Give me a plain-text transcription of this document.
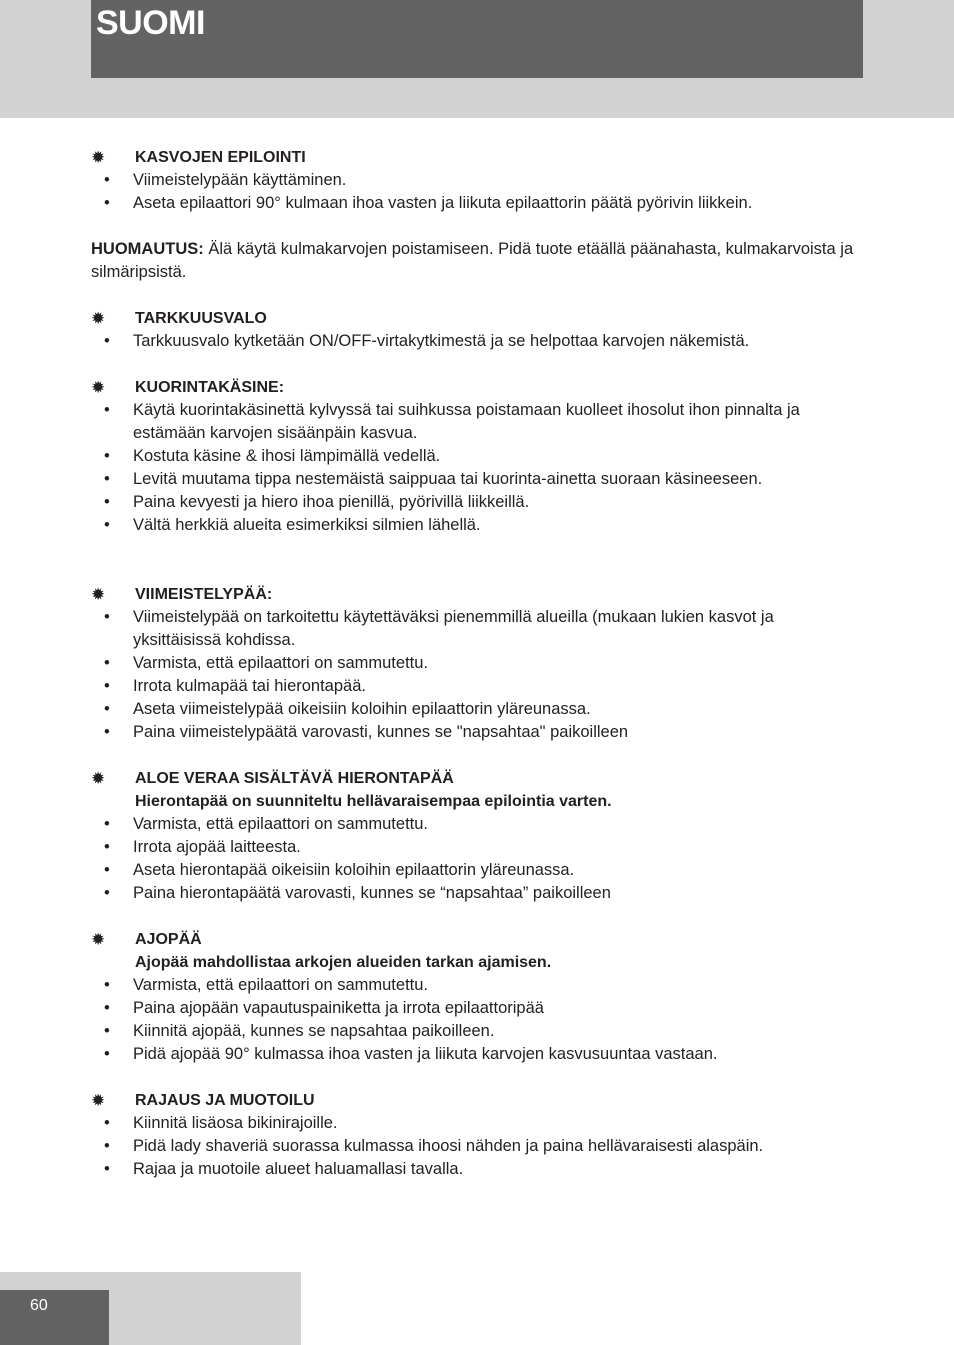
SUOMI
✹ KASVOJEN EPILOINTI
• Viimeistelypään käyttäminen.
• Aseta epilaattori 90° kulmaan ihoa vasten ja liikuta epilaattorin päätä pyörivin liikkein.

HUOMAUTUS: Älä käytä kulmakarvojen poistamiseen. Pidä tuote etäällä päänahasta, kulmakarvoista ja silmäripsistä.

✹ TARKKUUSVALO
• Tarkkuusvalo kytketään ON/OFF-virtakytkimestä ja se helpottaa karvojen näkemistä.
✹ KUORINTAKÄSINE:
• Käytä kuorintakäsinettä kylvyssä tai suihkussa poistamaan kuolleet ihosolut ihon pinnalta ja estämään karvojen sisäänpäin kasvua.
• Kostuta käsine & ihosi lämpimällä vedellä.
• Levitä muutama tippa nestemäistä saippuaa tai kuorinta-ainetta suoraan käsineeseen.
• Paina kevyesti ja hiero ihoa pienillä, pyörivillä liikkeillä.
• Vältä herkkiä alueita esimerkiksi silmien lähellä.
✹ VIIMEISTELYPÄÄ:
• Viimeistelypää on tarkoitettu käytettäväksi pienemmillä alueilla (mukaan lukien kasvot ja yksittäisissä kohdissa.
• Varmista, että epilaattori on sammutettu.
• Irrota kulmapää tai hierontapää.
• Aseta viimeistelypää oikeisiin koloihin epilaattorin yläreunassa.
• Paina viimeistelypäätä varovasti, kunnes se "napsahtaa" paikoilleen
✹ ALOE VERAA SISÄLTÄVÄ HIERONTAPÄÄ
Hierontapää on suunniteltu hellävaraisempaa epilointia varten.
• Varmista, että epilaattori on sammutettu.
• Irrota ajopää laitteesta.
• Aseta hierontapää oikeisiin koloihin epilaattorin yläreunassa.
• Paina hierontapäätä varovasti, kunnes se “napsahtaa” paikoilleen
✹ AJOPÄÄ
Ajopää mahdollistaa arkojen alueiden tarkan ajamisen.
• Varmista, että epilaattori on sammutettu.
• Paina ajopään vapautuspainiketta ja irrota epilaattoripää
• Kiinnitä ajopää, kunnes se napsahtaa paikoilleen.
• Pidä ajopää 90° kulmassa ihoa vasten ja liikuta karvojen kasvusuuntaa vastaan.
✹ RAJAUS JA MUOTOILU
• Kiinnitä lisäosa bikinirajoille.
• Pidä lady shaveriä suorassa kulmassa ihoosi nähden ja paina hellävaraisesti alaspäin.
• Rajaa ja muotoile alueet haluamallasi tavalla.
60
